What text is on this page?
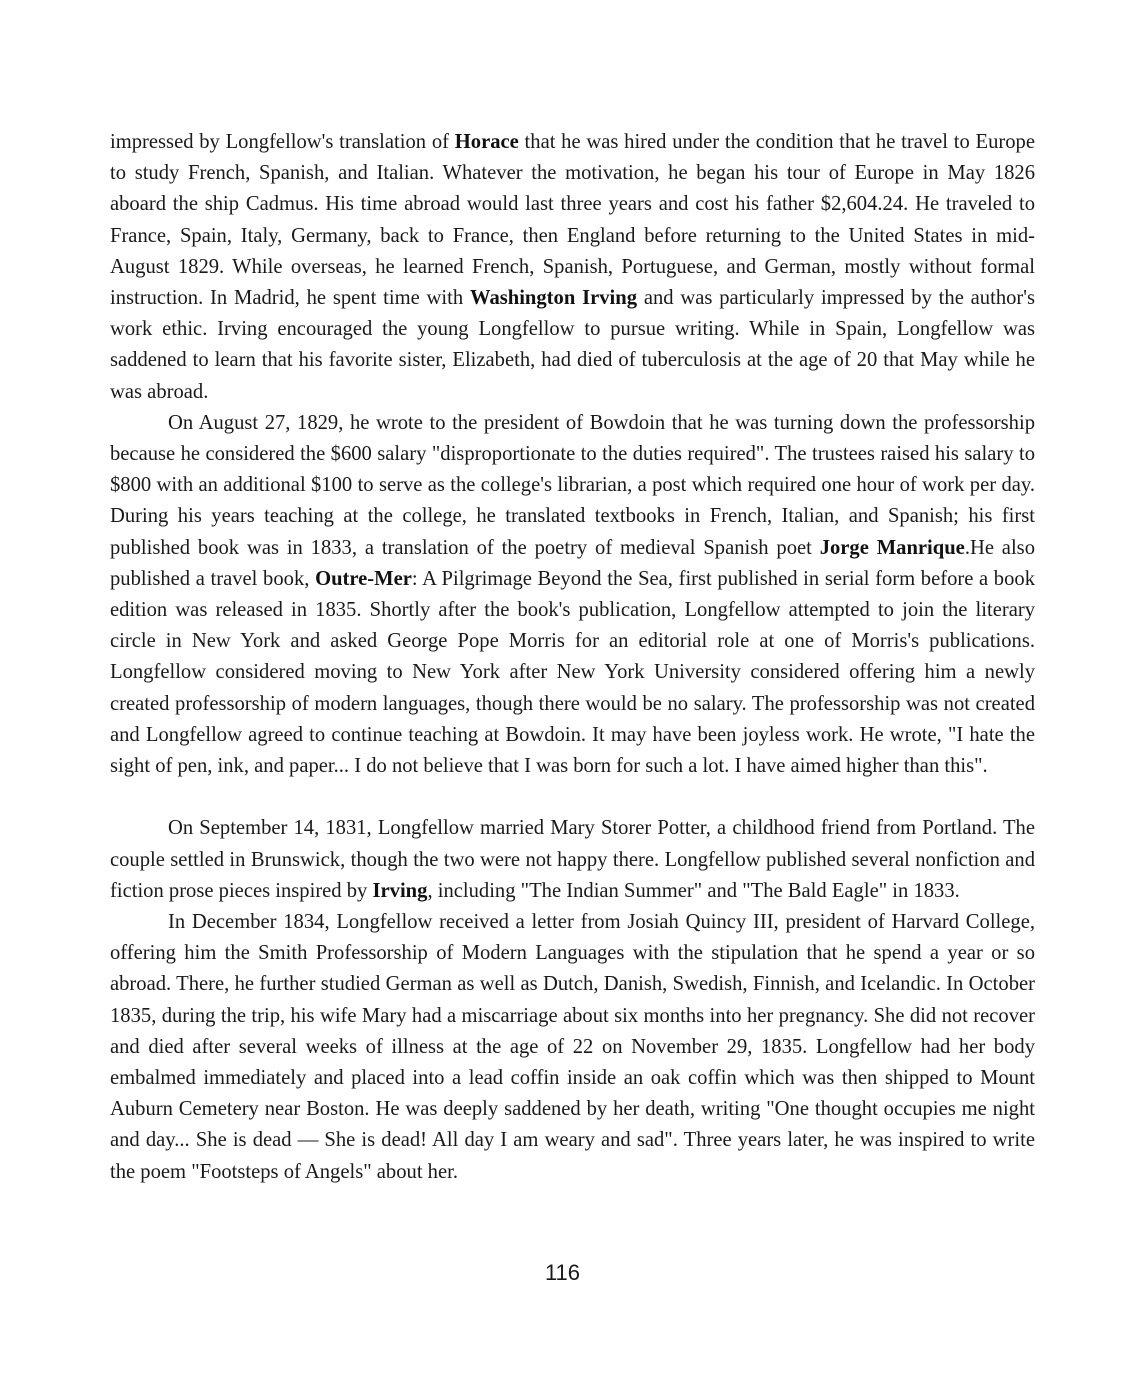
impressed by Longfellow's translation of Horace that he was hired under the condition that he travel to Europe to study French, Spanish, and Italian. Whatever the motivation, he began his tour of Europe in May 1826 aboard the ship Cadmus. His time abroad would last three years and cost his father $2,604.24. He traveled to France, Spain, Italy, Germany, back to France, then England before returning to the United States in mid-August 1829. While overseas, he learned French, Spanish, Portuguese, and German, mostly without formal instruction. In Madrid, he spent time with Washington Irving and was particularly impressed by the author's work ethic. Irving encouraged the young Longfellow to pursue writing. While in Spain, Longfellow was saddened to learn that his favorite sister, Elizabeth, had died of tuberculosis at the age of 20 that May while he was abroad.

On August 27, 1829, he wrote to the president of Bowdoin that he was turning down the professorship because he considered the $600 salary "disproportionate to the duties required". The trustees raised his salary to $800 with an additional $100 to serve as the college's librarian, a post which required one hour of work per day. During his years teaching at the college, he translated textbooks in French, Italian, and Spanish; his first published book was in 1833, a translation of the poetry of medieval Spanish poet Jorge Manrique.He also published a travel book, Outre-Mer: A Pilgrimage Beyond the Sea, first published in serial form before a book edition was released in 1835. Shortly after the book's publication, Longfellow attempted to join the literary circle in New York and asked George Pope Morris for an editorial role at one of Morris's publications. Longfellow considered moving to New York after New York University considered offering him a newly created professorship of modern languages, though there would be no salary. The professorship was not created and Longfellow agreed to continue teaching at Bowdoin. It may have been joyless work. He wrote, "I hate the sight of pen, ink, and paper... I do not believe that I was born for such a lot. I have aimed higher than this".

On September 14, 1831, Longfellow married Mary Storer Potter, a childhood friend from Portland. The couple settled in Brunswick, though the two were not happy there. Longfellow published several nonfiction and fiction prose pieces inspired by Irving, including "The Indian Summer" and "The Bald Eagle" in 1833.

In December 1834, Longfellow received a letter from Josiah Quincy III, president of Harvard College, offering him the Smith Professorship of Modern Languages with the stipulation that he spend a year or so abroad. There, he further studied German as well as Dutch, Danish, Swedish, Finnish, and Icelandic. In October 1835, during the trip, his wife Mary had a miscarriage about six months into her pregnancy. She did not recover and died after several weeks of illness at the age of 22 on November 29, 1835. Longfellow had her body embalmed immediately and placed into a lead coffin inside an oak coffin which was then shipped to Mount Auburn Cemetery near Boston. He was deeply saddened by her death, writing "One thought occupies me night and day... She is dead — She is dead! All day I am weary and sad". Three years later, he was inspired to write the poem "Footsteps of Angels" about her.

116
